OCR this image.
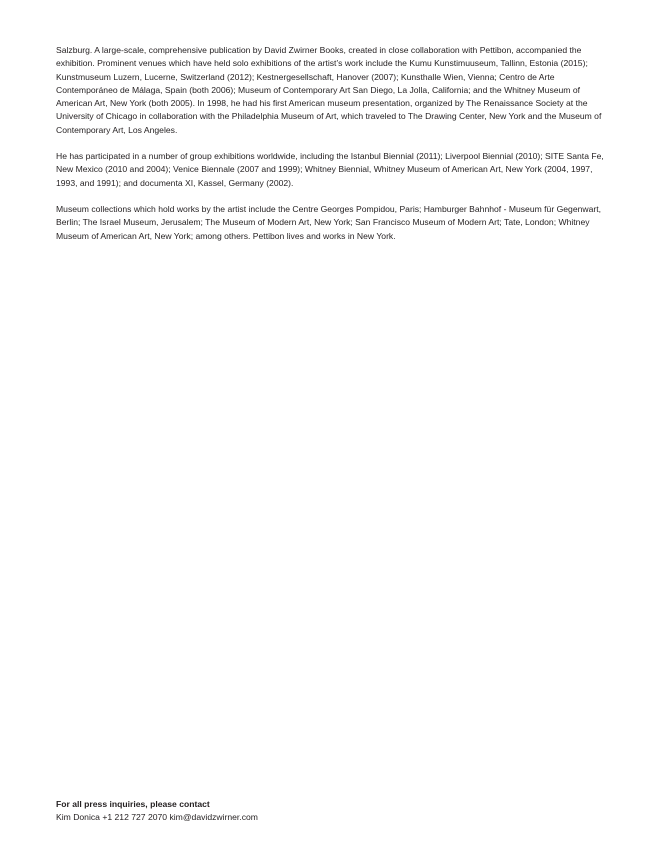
Salzburg. A large-scale, comprehensive publication by David Zwirner Books, created in close collaboration with Pettibon, accompanied the exhibition. Prominent venues which have held solo exhibitions of the artist’s work include the Kumu Kunstimuuseum, Tallinn, Estonia (2015); Kunstmuseum Luzern, Lucerne, Switzerland (2012); Kestnergesellschaft, Hanover (2007); Kunsthalle Wien, Vienna; Centro de Arte Contemporáneo de Málaga, Spain (both 2006); Museum of Contemporary Art San Diego, La Jolla, California; and the Whitney Museum of American Art, New York (both 2005). In 1998, he had his first American museum presentation, organized by The Renaissance Society at the University of Chicago in collaboration with the Philadelphia Museum of Art, which traveled to The Drawing Center, New York and the Museum of Contemporary Art, Los Angeles.

He has participated in a number of group exhibitions worldwide, including the Istanbul Biennial (2011); Liverpool Biennial (2010); SITE Santa Fe, New Mexico (2010 and 2004); Venice Biennale (2007 and 1999); Whitney Biennial, Whitney Museum of American Art, New York (2004, 1997, 1993, and 1991); and documenta XI, Kassel, Germany (2002).

Museum collections which hold works by the artist include the Centre Georges Pompidou, Paris; Hamburger Bahnhof - Museum für Gegenwart, Berlin; The Israel Museum, Jerusalem; The Museum of Modern Art, New York; San Francisco Museum of Modern Art; Tate, London; Whitney Museum of American Art, New York; among others. Pettibon lives and works in New York.

For all press inquiries, please contact

Kim Donica +1 212 727 2070 kim@davidzwirner.com
